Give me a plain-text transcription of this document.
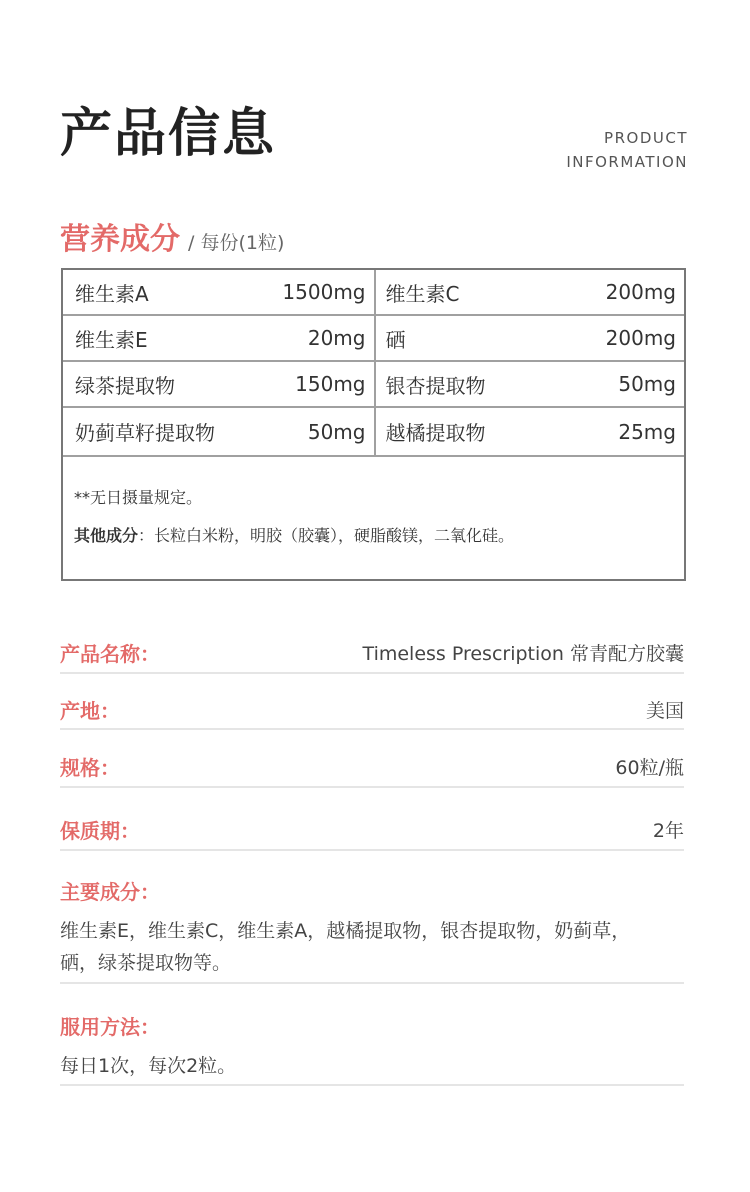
产品信息	PRODUCT
INFORMATION
营养成分 / 每份(1粒)
维生素A	1500mg 维生素C	200mg
维生素E	20mg 硒	200mg
绿茶提取物	150mg 银杏提取物	50mg
奶蓟草籽提取物	50mg 越橘提取物	25mg
**无日摄量规定。
其他成分：长粒白米粉，明胶（胶囊），硬脂酸镁，二氧化硅。
产品名称：	Timeless Prescription 常青配方胶囊
产地：	美国
规格：	60粒/瓶
保质期：	2年
主要成分：
维生素E，维生素C，维生素A，越橘提取物，银杏提取物，奶蓟草，
硒，绿茶提取物等。
服用方法：
每日1次，每次2粒。
